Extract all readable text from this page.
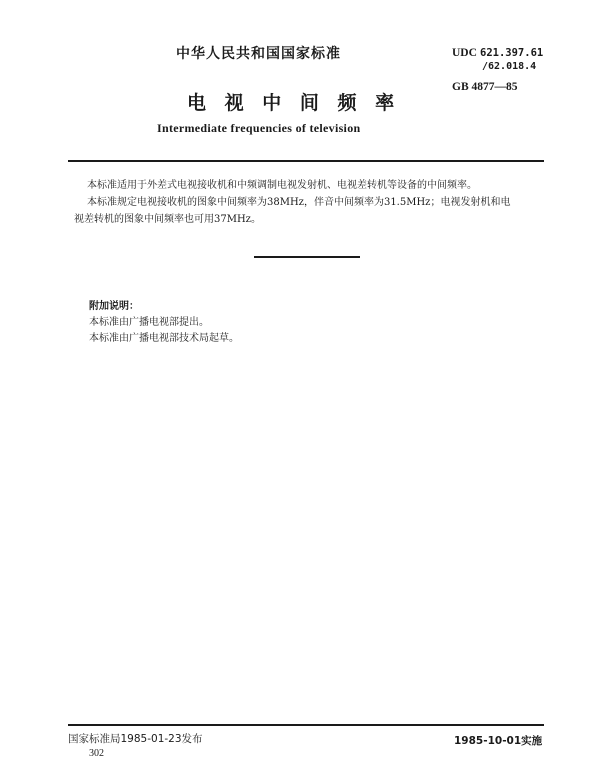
中华人民共和国国家标准	UDC 621.397.61
/62.018.4
GB 4877—85
电 视 中 间 频 率
Intermediate frequencies of television
本标准适用于外差式电视接收机和中频调制电视发射机、电视差转机等设备的中间频率。
本标准规定电视接收机的图象中间频率为38MHz，伴音中间频率为31.5MHz；电视发射机和电
视差转机的图象中间频率也可用37MHz。
附加说明：
本标准由广播电视部提出。
本标准由广播电视部技术局起草。
国家标准局1985-01-23发布	1985-10-01实施
302
